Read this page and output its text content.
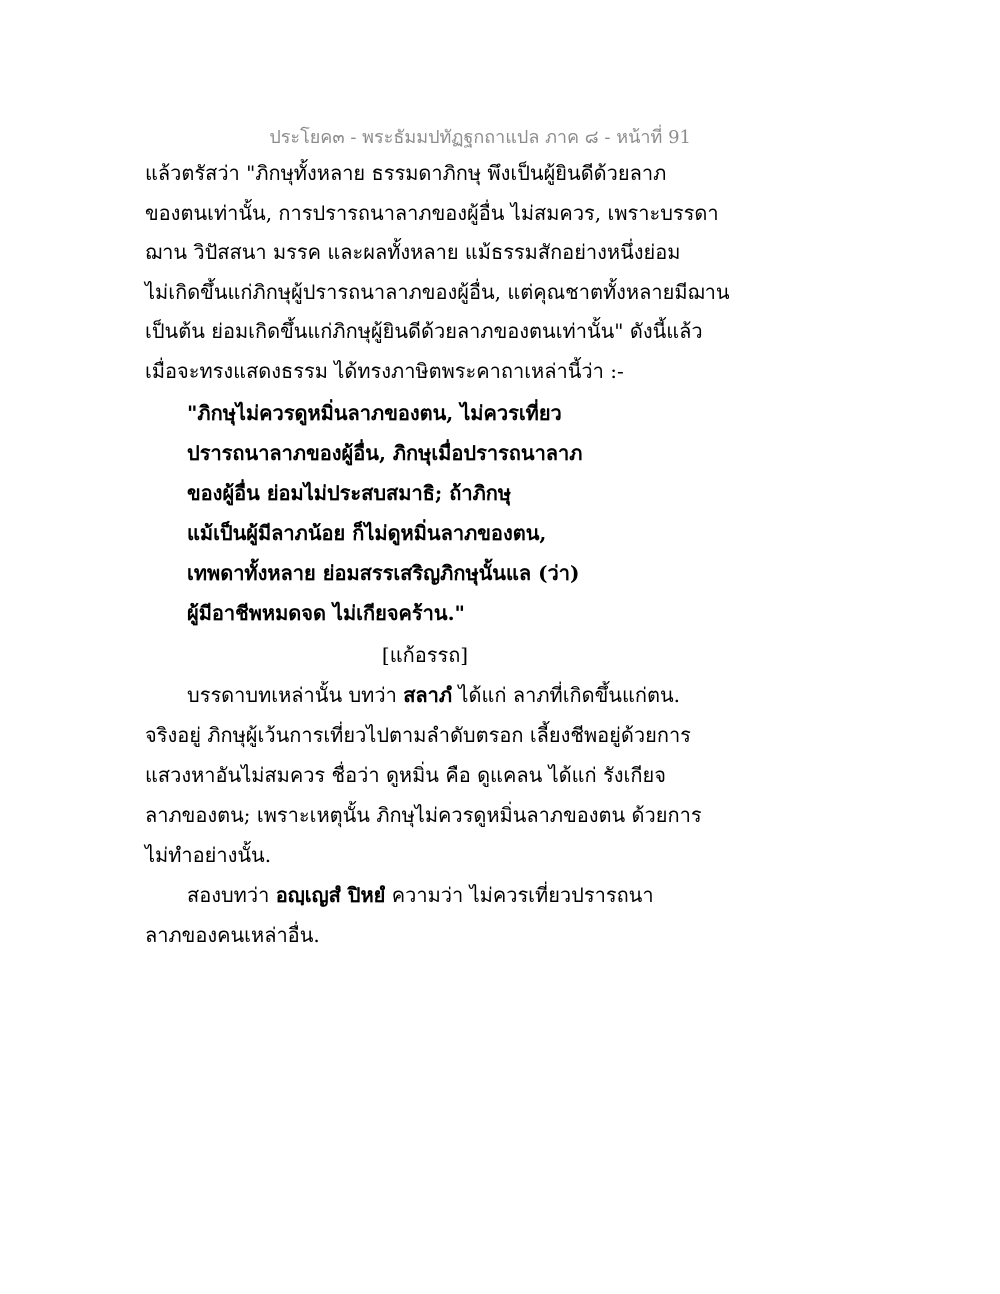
ประโยค๓ - พระธัมมปทัฏฐกถาแปล ภาค ๘ - หน้าที่ 91
แล้วตรัสว่า "ภิกษุทั้งหลาย ธรรมดาภิกษุ พึงเป็นผู้ยินดีด้วยลาภ
ของตนเท่านั้น, การปรารถนาลาภของผู้อื่น ไม่สมควร, เพราะบรรดา
ฌาน วิปัสสนา มรรค และผลทั้งหลาย แม้ธรรมสักอย่างหนึ่งย่อม
ไม่เกิดขึ้นแก่ภิกษุผู้ปรารถนาลาภของผู้อื่น, แต่คุณชาตทั้งหลายมีฌาน
เป็นต้น ย่อมเกิดขึ้นแก่ภิกษุผู้ยินดีด้วยลาภของตนเท่านั้น" ดังนี้แล้ว
เมื่อจะทรงแสดงธรรม ได้ทรงภาษิตพระคาถาเหล่านี้ว่า :-
"ภิกษุไม่ควรดูหมิ่นลาภของตน, ไม่ควรเที่ยว
ปรารถนาลาภของผู้อื่น, ภิกษุเมื่อปรารถนาลาภ
ของผู้อื่น ย่อมไม่ประสบสมาธิ; ถ้าภิกษุ
แม้เป็นผู้มีลาภน้อย ก็ไม่ดูหมิ่นลาภของตน,
เทพดาทั้งหลาย ย่อมสรรเสริญภิกษุนั้นแล (ว่า)
ผู้มีอาชีพหมดจด ไม่เกียจคร้าน."
[แก้อรรถ]
บรรดาบทเหล่านั้น บทว่า สลาภํ ได้แก่ ลาภที่เกิดขึ้นแก่ตน.
จริงอยู่ ภิกษุผู้เว้นการเที่ยวไปตามลำดับตรอก เลี้ยงชีพอยู่ด้วยการ
แสวงหาอันไม่สมควร ชื่อว่า ดูหมิ่น คือ ดูแคลน ได้แก่ รังเกียจ
ลาภของตน; เพราะเหตุนั้น ภิกษุไม่ควรดูหมิ่นลาภของตน ด้วยการ
ไม่ทำอย่างนั้น.
สองบทว่า อญฺเญสํ ปิหยํ ความว่า ไม่ควรเที่ยวปรารถนา
ลาภของคนเหล่าอื่น.
